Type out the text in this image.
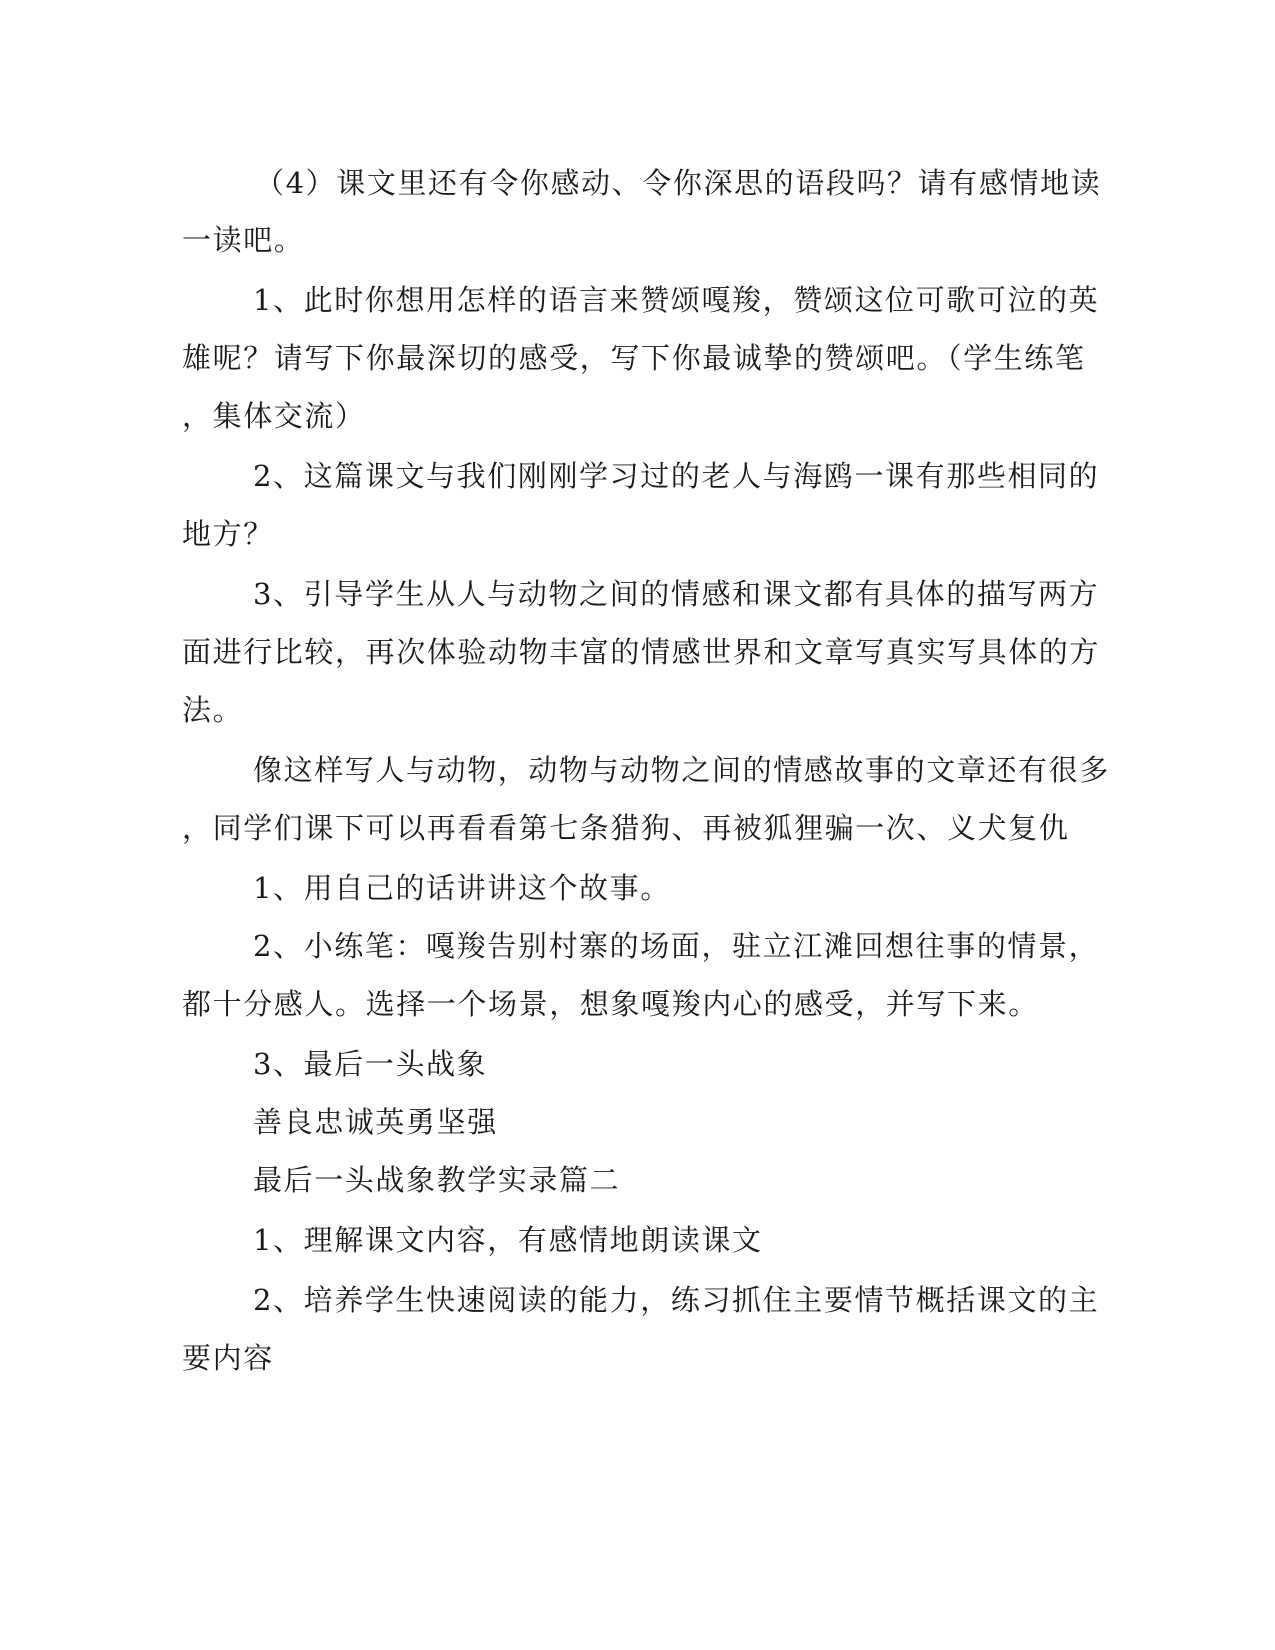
（4）课文里还有令你感动、令你深思的语段吗？请有感情地读
一读吧。
1、此时你想用怎样的语言来赞颂嘎羧，赞颂这位可歌可泣的英
雄呢？请写下你最深切的感受，写下你最诚挚的赞颂吧。（学生练笔
，集体交流）
2、这篇课文与我们刚刚学习过的老人与海鸥一课有那些相同的
地方？
3、引导学生从人与动物之间的情感和课文都有具体的描写两方
面进行比较，再次体验动物丰富的情感世界和文章写真实写具体的方
法。
像这样写人与动物，动物与动物之间的情感故事的文章还有很多
，同学们课下可以再看看第七条猎狗、再被狐狸骗一次、义犬复仇
1、用自己的话讲讲这个故事。
2、小练笔：嘎羧告别村寨的场面，驻立江滩回想往事的情景，
都十分感人。选择一个场景，想象嘎羧内心的感受，并写下来。
3、最后一头战象
善良忠诚英勇坚强
最后一头战象教学实录篇二
1、理解课文内容，有感情地朗读课文
2、培养学生快速阅读的能力，练习抓住主要情节概括课文的主
要内容
